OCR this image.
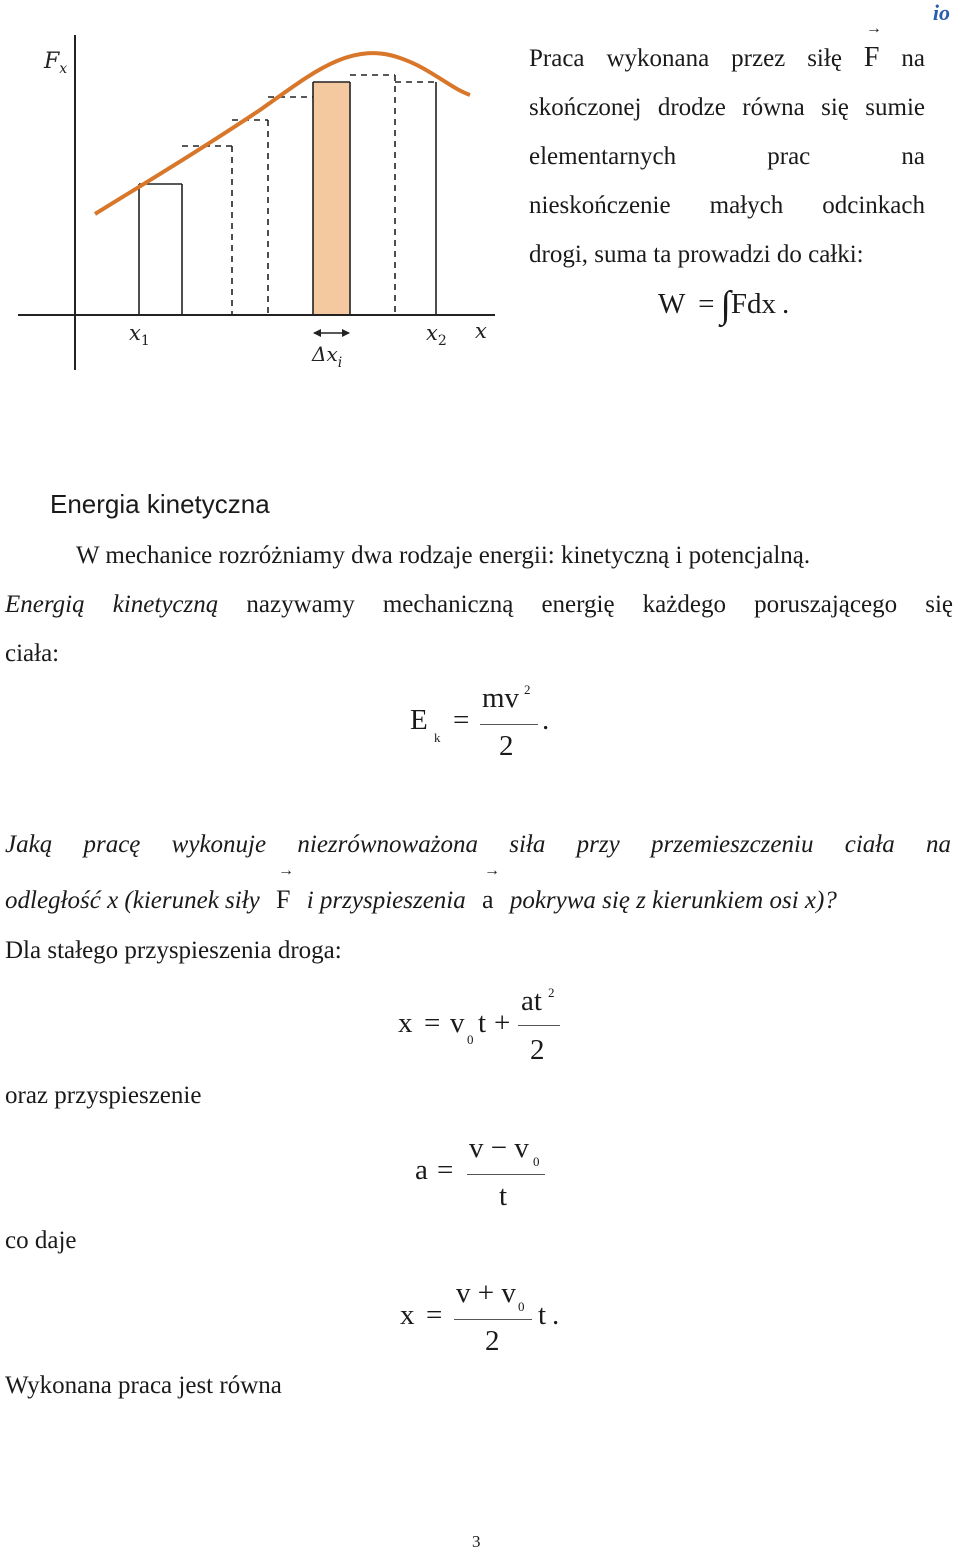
io
$F_x$
$x_1$	$x_2$ x
$\Delta x_i$
Praca wykonana przez siłę
→
F na
skończonej drodze równa się sumie
elementarnych prac na
nieskończenie małych odcinkach
drogi, suma ta prowadzi do całki:
W = ∫Fdx .
Energia kinetyczna
W mechanice rozróżniamy dwa rodzaje energii: kinetyczną i potencjalną.
Energią kinetyczną nazywamy mechaniczną energię każdego poruszającego się
ciała:
E
k
=
mv 2
2
.
Jaką pracę wykonuje niezrównoważona siła przy przemieszczeniu ciała na
odległość x (kierunek siły
→
F i przyspieszenia
→
a pokrywa się z kierunkiem osi x)?
Dla stałego przyspieszenia droga:
x = v
0
t +
at 2
2
oraz przyspieszenie
a =
v − v 0
t
co daje
x =
v + v 0
2
t .
Wykonana praca jest równa
3
